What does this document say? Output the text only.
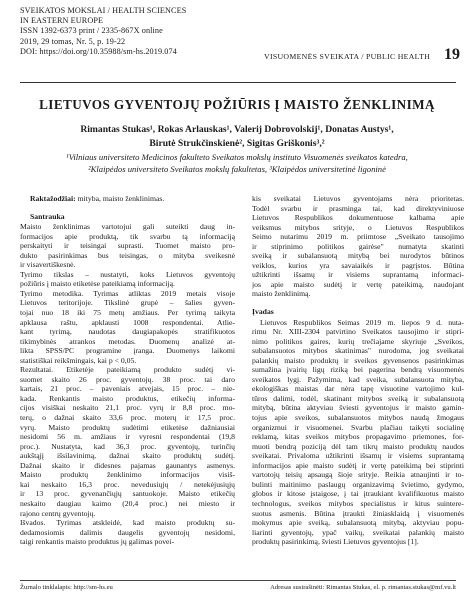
SVEIKATOS MOKSLAI / HEALTH SCIENCES
IN EASTERN EUROPE
ISSN 1392-6373 print / 2335-867X online
2019, 29 tomas, Nr. 5, p. 19-22
DOI: https://doi.org/10.35988/sm-hs.2019.074
VISUOMENĖS SVEIKATA / PUBLIC HEALTH 19
LIETUVOS GYVENTOJŲ POŽIŪRIS Į MAISTO ŽENKLINIMĄ
Rimantas Stukas¹, Rokas Arlauskas¹, Valerij Dobrovolskij¹, Donatas Austys¹,
Birutė Strukčinskienė², Sigitas Griškonis³,²
¹Vilniaus universiteto Medicinos fakulteto Sveikatos mokslų instituto Visuomenės sveikatos katedra,
²Klaipėdos universiteto Sveikatos mokslų fakultetas, ³Klaipėdos universitetinė ligoninė
Raktažodžiai: mityba, maisto ženklinimas.
Santrauka
Maisto ženklinimas vartotojui gali suteikti daug in-
formacijos apie produktą, tik svarbu tą informaciją
perskaityti ir teisingai suprasti. Tuomet maisto pro-
dukto pasirinkimas bus teisingas, o mityba sveikesnė
ir visavertiškesnė.
Tyrimo tikslas – nustatyti, koks Lietuvos gyventojų
požiūris į maisto etiketėse pateikiamą informaciją.
Tyrimo metodika. Tyrimas atliktas 2019 metais visoje
Lietuvos teritorijoje. Tikslinė grupė – šalies gyven-
tojai nuo 18 iki 75 metų amžiaus. Per tyrimą taikyta
apklausa raštu, apklausti 1008 respondentai. Atlie-
kant tyrimą, naudotas daugiapakopės stratifikuotos
tikimybinės atrankos metodas. Duomenų analizė at-
likta SPSS/PC programine įranga. Duomenys laikomi
statistiškai reikšmingais, kai p < 0,05.
Rezultatai. Etiketėje pateikiamą produkto sudėtį vi-
suomet skaito 26 proc. gyventojų. 38 proc. tai daro
kartais, 21 proc. – paveniais atvejais, 15 proc. – nie-
kada. Renkantis maisto produktus, etikečių informa-
cijos visiškai neskaito 21,1 proc. vyrų ir 8,8 proc. mo-
terų, o dažnai skaito 33,6 proc. moterų ir 17,5 proc.
vyrų. Maisto produktų sudėtimi etiketėse dažniausiai
nesidomi 56 m. amžiaus ir vyresni respondentai (19,8
proc.). Nustatyta, kad 36,3 proc. gyventojų, turinčių
aukštąjį išsilavinimą, dažnai skaito produktų sudėtį.
Dažnai skaito ir didesnes pajamas gaunantys asmenys.
Maisto produktų ženklinimo informacijos visiš-
kai neskaito 16,3 proc. nevedusiųjų / netekėjusiųjų
ir 13 proc. gyvenančiųjų santuokoje. Maisto etikečių
neskaito daugiau kaimo (20,4 proc.) nei miesto ir
rajono centrų gyventojų.
Išvados. Tyrimas atskleidė, kad maisto produktų su-
dedamosiomis dalimis daugelis gyventojų nesidomi,
taigi renkantis maisto produktus jų galimas povei-
kis sveikatai Lietuvos gyventojams nėra prioritetas.
Todėl svarbu ir prasminga tai, kad direktyviniuose
Lietuvos Respublikos dokumentuose kalbama apie
veiksmus mitybos srityje, o Lietuvos Respublikos
Seimo nutarimu 2019 m. priimtose „Sveikato tausojimo
ir stiprinimo politikos gairėse" numatyta skatinti
sveiką ir subalansuotą mitybą bei nurodytos būtinos
veiklos, kurios yra savaiaikės ir pagrįstos. Būtina
užtikrinti išsamų ir visiems suprantamą informaci-
jos apie maisto sudėtį ir vertę pateikimą, naudojant
maisto ženklinimą.
Įvadas
Lietuvos Respublikos Seimas 2019 m. liepos 9 d. nuta-
rimu Nr. XIII-2304 patvirtino Sveikatos tausojimo ir stipri-
nimo politikos gaires, kurių trečiajame skyriuje „Sveikos,
subalansuotos mitybos skatinimas" nurodoma, jog sveikatai
palankių maisto produktų ir sveikos gyvensenos pasirinkimas
sumažina įvairių ligų riziką bei pagerina bendrą visuomenės
sveikatos lygį. Pažymima, kad sveika, subalansuota mityba,
ekologiškas maistas dar nėra tapę visuotine vartojimo kul-
tūros dalimi, todėl, skatinant mitybos sveiką ir subalansuotą
mitybą, būtina aktyviau šviesti gyventojus ir maisto gamin-
tojus apie sveikos, subalansuotos mitybos naudą žmogaus
organizmui ir visuomenei. Svarbu plačiau taikyti socialinę
reklamą, kitas sveikos mitybos propagavimo priemones, for-
muoti bendrą poziciją dėl tam tikrų maisto produktų naudos
sveikatai. Privaloma užtikrinti išsamų ir visiems suprantamą
informacijos apie maisto sudėtį ir vertę pateikimą bei stiprinti
vartotojų teisių apsaugą šioje srityje. Reikia atnaujinti ir to-
bulinti maitinimo paslaugų organizavimą švietimo, gydymo,
globos ir kitose įstaigose, į tai įtraukiant kvalifikuotus maisto
technologus, sveikos mitybos specialistus ir kitus suintere-
suotus asmenis. Būtina įtraukti žiniasklaidą į visuomenės
mokymus apie sveiką, subalansuotą mitybą, aktyviau popu-
liarinti gyventojų, ypač vaikų, sveikatai palankių maisto
produktų pasirinkimą, šviesti Lietuvos gyventojus [1].
Žurnalo tinklalapis: http://sm-hs.eu	Adresas susirašinėti: Rimantas Stukas, el. p. rimantas.stukas@mf.vu.lt
